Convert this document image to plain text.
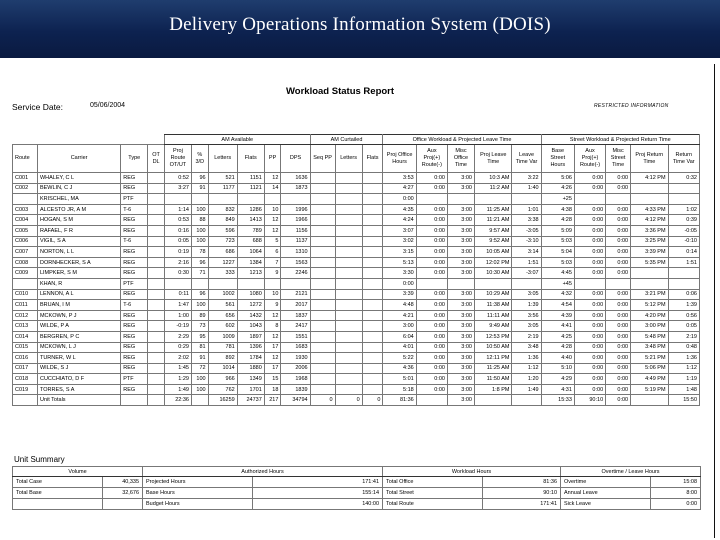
Delivery Operations Information System (DOIS)
Workload Status Report
Service Date:	05/06/2004	RESTRICTED INFORMATION
				AM Available						AM Curtailed			Office Workload & Projected Leave Time					Street Workload & Projected Return Time				
Route	Carrier	Type	OT DL	Proj Route OT/UT	% 3/D	Letters	Flats	PP	DPS	Seq PP	Letters	Flats	Proj Office Hours	Aux Proj(+) Route(-)	Misc Office Time	Proj Leave Time	Leave Time Var	Base Street Hours	Aux Proj(+) Route(-)	Misc Street Time	Proj Return Time	Return Time Var
C001	WHALEY, C L	REG		0:52	96	521	1151	12	1636				3:53	0:00	3:00	10:3 AM	3:22	5:06	0:00	0:00	4:12 PM	0:32
C002	BEWLIN, C J	REG		3:27	91	1177	1121	14	1873				4:27	0:00	3:00	11:2 AM	1:40	4:26	0:00	0:00		
	KRISCHEL, MA	PTF											0:00					+25				
C003	ALCESTO JR, A M	T-6		1:14	100	832	1286	10	1996				4:35	0:00	3:00	11:25 AM	1:01	4:38	0:00	0:00	4:33 PM	1:02
C004	HOGAN, S M	REG		0:53	88	849	1413	12	1966				4:24	0:00	3:00	11:21 AM	3:38	4:28	0:00	0:00	4:12 PM	0:39
C005	RAFAEL, F R	REG		0:16	100	596	789	12	1156				3:07	0:00	3:00	9:57 AM	-3:05	5:09	0:00	0:00	3:36 PM	-0:05
C006	VIGIL, S A	T-6		0:05	100	723	688	5	1137				3:02	0:00	3:00	9:52 AM	-3:10	5:03	0:00	0:00	3:25 PM	-0:10
C007	NORTON, L L	REG		0:19	78	686	1064	6	1310				3:15	0:00	3:00	10:05 AM	3:14	5:04	0:00	0:00	3:39 PM	0:14
C008	DORNHECKER, S A	REG		2:16	96	1227	1384	7	1563				5:13	0:00	3:00	12:02 PM	1:51	5:03	0:00	0:00	5:35 PM	1:51
C009	LIMPKER, S M	REG		0:30	71	333	1213	9	2246				3:30	0:00	3:00	10:30 AM	-3:07	4:45	0:00	0:00		
	KHAN, R	PTF											0:00					+45				
C010	LENNON, A L	REG		0:11	96	1002	1080	10	2121				3:39	0:00	3:00	10:29 AM	3:05	4:32	0:00	0:00	3:21 PM	0:06
C011	BRUAN, I M	T-6		1:47	100	561	1272	9	2017				4:48	0:00	3:00	11:38 AM	1:39	4:54	0:00	0:00	5:12 PM	1:39
C012	MCKOWN, P J	REG		1:00	89	656	1432	12	1837				4:21	0:00	3:00	11:11 AM	3:56	4:39	0:00	0:00	4:20 PM	0:56
C013	WILDE, P A	REG		-0:19	73	602	1043	8	2417				3:00	0:00	3:00	9:49 AM	3:05	4:41	0:00	0:00	3:00 PM	0:05
C014	BERGREN, P C	REG		2:29	95	1009	1897	12	1551				6:04	0:00	3:00	12:53 PM	2:19	4:25	0:00	0:00	5:48 PM	2:19
C015	MCKOWN, L J	REG		0:29	81	781	1396	17	1683				4:01	0:00	3:00	10:50 AM	3:48	4:28	0:00	0:00	3:48 PM	0:48
C016	TURNER, W L	REG		2:02	91	892	1784	12	1930				5:22	0:00	3:00	12:11 PM	1:36	4:40	0:00	0:00	5:21 PM	1:36
C017	WILDE, S J	REG		1:45	72	1014	1880	17	2006				4:36	0:00	3:00	11:25 AM	1:12	5:10	0:00	0:00	5:06 PM	1:12
C018	CUCCHIATO, D F	PTF		1:29	100	966	1349	15	1968				5:01	0:00	3:00	11:50 AM	1:20	4:29	0:00	0:00	4:49 PM	1:19
C019	TORRES, S A	REG		1:49	100	762	1701	18	1839				5:18	0:00	3:00	1:8 PM	1:49	4:31	0:00	0:00	5:19 PM	1:48
	Unit Totals			22:36		16259	24737	217	34794	0	0	0	81:36		3:00			15:33	90:10	0:00		15:50
Unit Summary
Volume		Authorized Hours		Workload Hours		Overtime / Leave Hours	
Total Case	40,335	Projected Hours	171:41	Total Office	81:36	Overtime	15:08
Total Base	32,676	Base Hours	155:14	Total Street	90:10	Annual Leave	8:00
		Budget Hours	140:00	Total Route	171:41	Sick Leave	0:00
